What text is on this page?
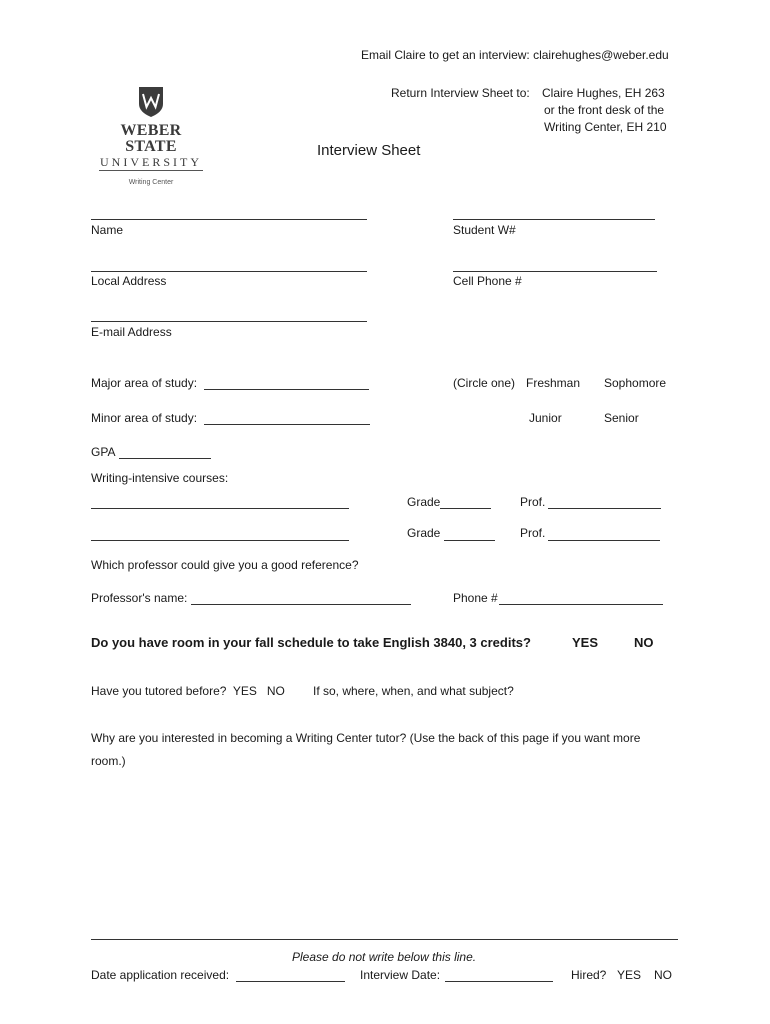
Email Claire to get an interview: clairehughes@weber.edu
Return Interview Sheet to: Claire Hughes, EH 263
or the front desk of the
Writing Center, EH 210
WEBER STATE
UNIVERSITY
Writing Center
Interview Sheet
Name	Student W#
Local Address	Cell Phone #
E-mail Address
Major area of study:	(Circle one) Freshman Sophomore
Minor area of study:	Junior	Senior
GPA
Writing-intensive courses:
Grade	Prof.
Grade	Prof.
Which professor could give you a good reference?
Professor's name:	Phone #
Do you have room in your fall schedule to take English 3840, 3 credits?	YES	NO
Have you tutored before?  YES   NO If so, where, when, and what subject?
Why are you interested in becoming a Writing Center tutor? (Use the back of this page if you want more
room.)
Please do not write below this line.
Date application received:	Interview Date:	Hired? YES NO
